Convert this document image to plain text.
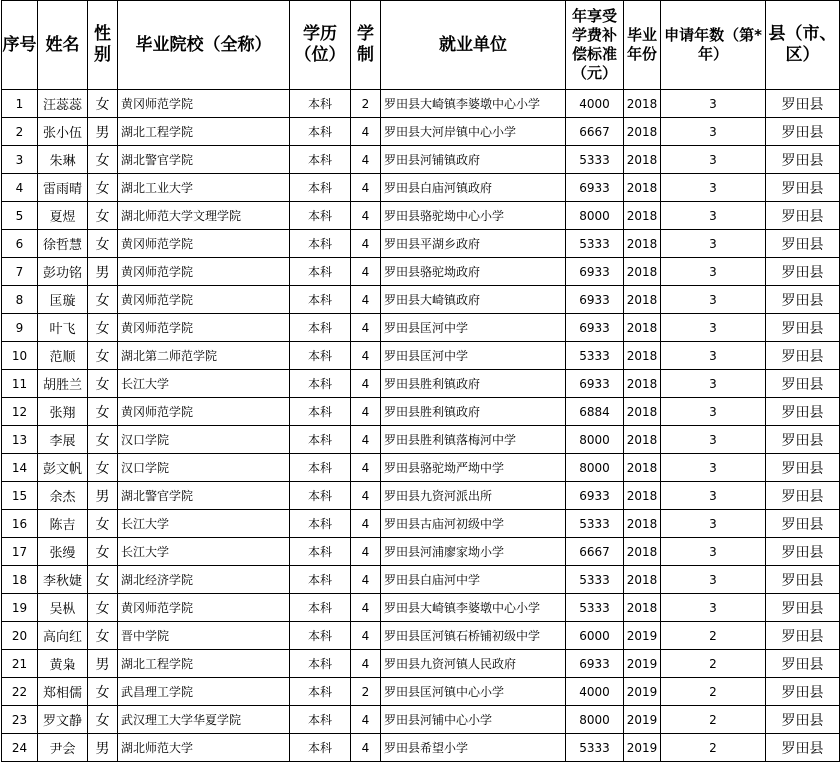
序号	姓名	性别	毕业院校（全称）	学历（位）	学制	就业单位	年享受学费补偿标准（元）	毕业年份	申请年数（第*年）	县（市、区）
1	汪蕊蕊	女	黄冈师范学院	本科	2	罗田县大崎镇李婆墩中心小学	4000	2018	3	罗田县
2	张小伍	男	湖北工程学院	本科	4	罗田县大河岸镇中心小学	6667	2018	3	罗田县
3	朱琳	女	湖北警官学院	本科	4	罗田县河铺镇政府	5333	2018	3	罗田县
4	雷雨晴	女	湖北工业大学	本科	4	罗田县白庙河镇政府	6933	2018	3	罗田县
5	夏煜	女	湖北师范大学文理学院	本科	4	罗田县骆驼坳中心小学	8000	2018	3	罗田县
6	徐哲慧	女	黄冈师范学院	本科	4	罗田县平湖乡政府	5333	2018	3	罗田县
7	彭功铭	男	黄冈师范学院	本科	4	罗田县骆驼坳政府	6933	2018	3	罗田县
8	匡璇	女	黄冈师范学院	本科	4	罗田县大崎镇政府	6933	2018	3	罗田县
9	叶飞	女	黄冈师范学院	本科	4	罗田县匡河中学	6933	2018	3	罗田县
10	范顺	女	湖北第二师范学院	本科	4	罗田县匡河中学	5333	2018	3	罗田县
11	胡胜兰	女	长江大学	本科	4	罗田县胜利镇政府	6933	2018	3	罗田县
12	张翔	女	黄冈师范学院	本科	4	罗田县胜利镇政府	6884	2018	3	罗田县
13	李展	女	汉口学院	本科	4	罗田县胜利镇落梅河中学	8000	2018	3	罗田县
14	彭文帆	女	汉口学院	本科	4	罗田县骆驼坳严坳中学	8000	2018	3	罗田县
15	余杰	男	湖北警官学院	本科	4	罗田县九资河派出所	6933	2018	3	罗田县
16	陈吉	女	长江大学	本科	4	罗田县古庙河初级中学	5333	2018	3	罗田县
17	张缦	女	长江大学	本科	4	罗田县河浦廖家坳小学	6667	2018	3	罗田县
18	李秋婕	女	湖北经济学院	本科	4	罗田县白庙河中学	5333	2018	3	罗田县
19	吴枞	女	黄冈师范学院	本科	4	罗田县大崎镇李婆墩中心小学	5333	2018	3	罗田县
20	高向红	女	晋中学院	本科	4	罗田县匡河镇石桥铺初级中学	6000	2019	2	罗田县
21	黄枭	男	湖北工程学院	本科	4	罗田县九资河镇人民政府	6933	2019	2	罗田县
22	郑相儒	女	武昌理工学院	本科	2	罗田县匡河镇中心小学	4000	2019	2	罗田县
23	罗文静	女	武汉理工大学华夏学院	本科	4	罗田县河铺中心小学	8000	2019	2	罗田县
24	尹会	男	湖北师范大学	本科	4	罗田县希望小学	5333	2019	2	罗田县
